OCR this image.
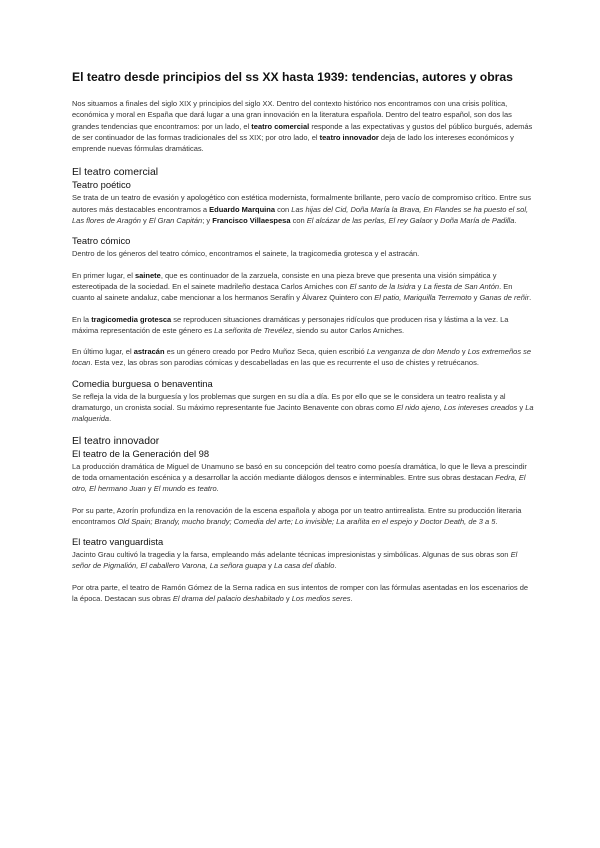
El teatro desde principios del ss XX hasta 1939: tendencias, autores y obras

Nos situamos a finales del siglo XIX y principios del siglo XX. Dentro del contexto histórico nos encontramos con una crisis política, económica y moral en España que dará lugar a una gran innovación en la literatura española. Dentro del teatro español, son dos las grandes tendencias que encontramos: por un lado, el teatro comercial responde a las expectativas y gustos del público burgués, además de ser continuador de las formas tradicionales del ss XIX; por otro lado, el teatro innovador deja de lado los intereses económicos y emprende nuevas fórmulas dramáticas.

El teatro comercial
Teatro poético

Se trata de un teatro de evasión y apologético con estética modernista, formalmente brillante, pero vacío de compromiso crítico. Entre sus autores más destacables encontramos a Eduardo Marquina con Las hijas del Cid, Doña María la Brava, En Flandes se ha puesto el sol, Las flores de Aragón y El Gran Capitán; y Francisco Villaespesa con El alcázar de las perlas, El rey Galaor y Doña María de Padilla.

Teatro cómico

Dentro de los géneros del teatro cómico, encontramos el sainete, la tragicomedia grotesca y el astracán.

En primer lugar, el sainete, que es continuador de la zarzuela, consiste en una pieza breve que presenta una visión simpática y estereotipada de la sociedad. En el sainete madrileño destaca Carlos Arniches con El santo de la Isidra y La fiesta de San Antón. En cuanto al sainete andaluz, cabe mencionar a los hermanos Serafín y Álvarez Quintero con El patio, Mariquilla Terremoto y Ganas de reñir.

En la tragicomedia grotesca se reproducen situaciones dramáticas y personajes ridículos que producen risa y lástima a la vez. La máxima representación de este género es La señorita de Trevélez, siendo su autor Carlos Arniches.

En último lugar, el astracán es un género creado por Pedro Muñoz Seca, quien escribió La venganza de don Mendo y Los extremeños se tocan. Esta vez, las obras son parodias cómicas y descabelladas en las que es recurrente el uso de chistes y retruécanos.

Comedia burguesa o benaventina

Se refleja la vida de la burguesía y los problemas que surgen en su día a día. Es por ello que se le considera un teatro realista y al dramaturgo, un cronista social. Su máximo representante fue Jacinto Benavente con obras como El nido ajeno, Los intereses creados y La malquerida.

El teatro innovador
El teatro de la Generación del 98

La producción dramática de Miguel de Unamuno se basó en su concepción del teatro como poesía dramática, lo que le lleva a prescindir de toda ornamentación escénica y a desarrollar la acción mediante diálogos densos e interminables. Entre sus obras destacan Fedra, El otro, El hermano Juan y El mundo es teatro.

Por su parte, Azorín profundiza en la renovación de la escena española y aboga por un teatro antirrealista. Entre su producción literaria encontramos Old Spain; Brandy, mucho brandy; Comedia del arte; Lo invisible; La arañita en el espejo y Doctor Death, de 3 a 5.

El teatro vanguardista

Jacinto Grau cultivó la tragedia y la farsa, empleando más adelante técnicas impresionistas y simbólicas. Algunas de sus obras son El señor de Pigmalión, El caballero Varona, La señora guapa y La casa del diablo.

Por otra parte, el teatro de Ramón Gómez de la Serna radica en sus intentos de romper con las fórmulas asentadas en los escenarios de la época. Destacan sus obras El drama del palacio deshabitado y Los medios seres.
